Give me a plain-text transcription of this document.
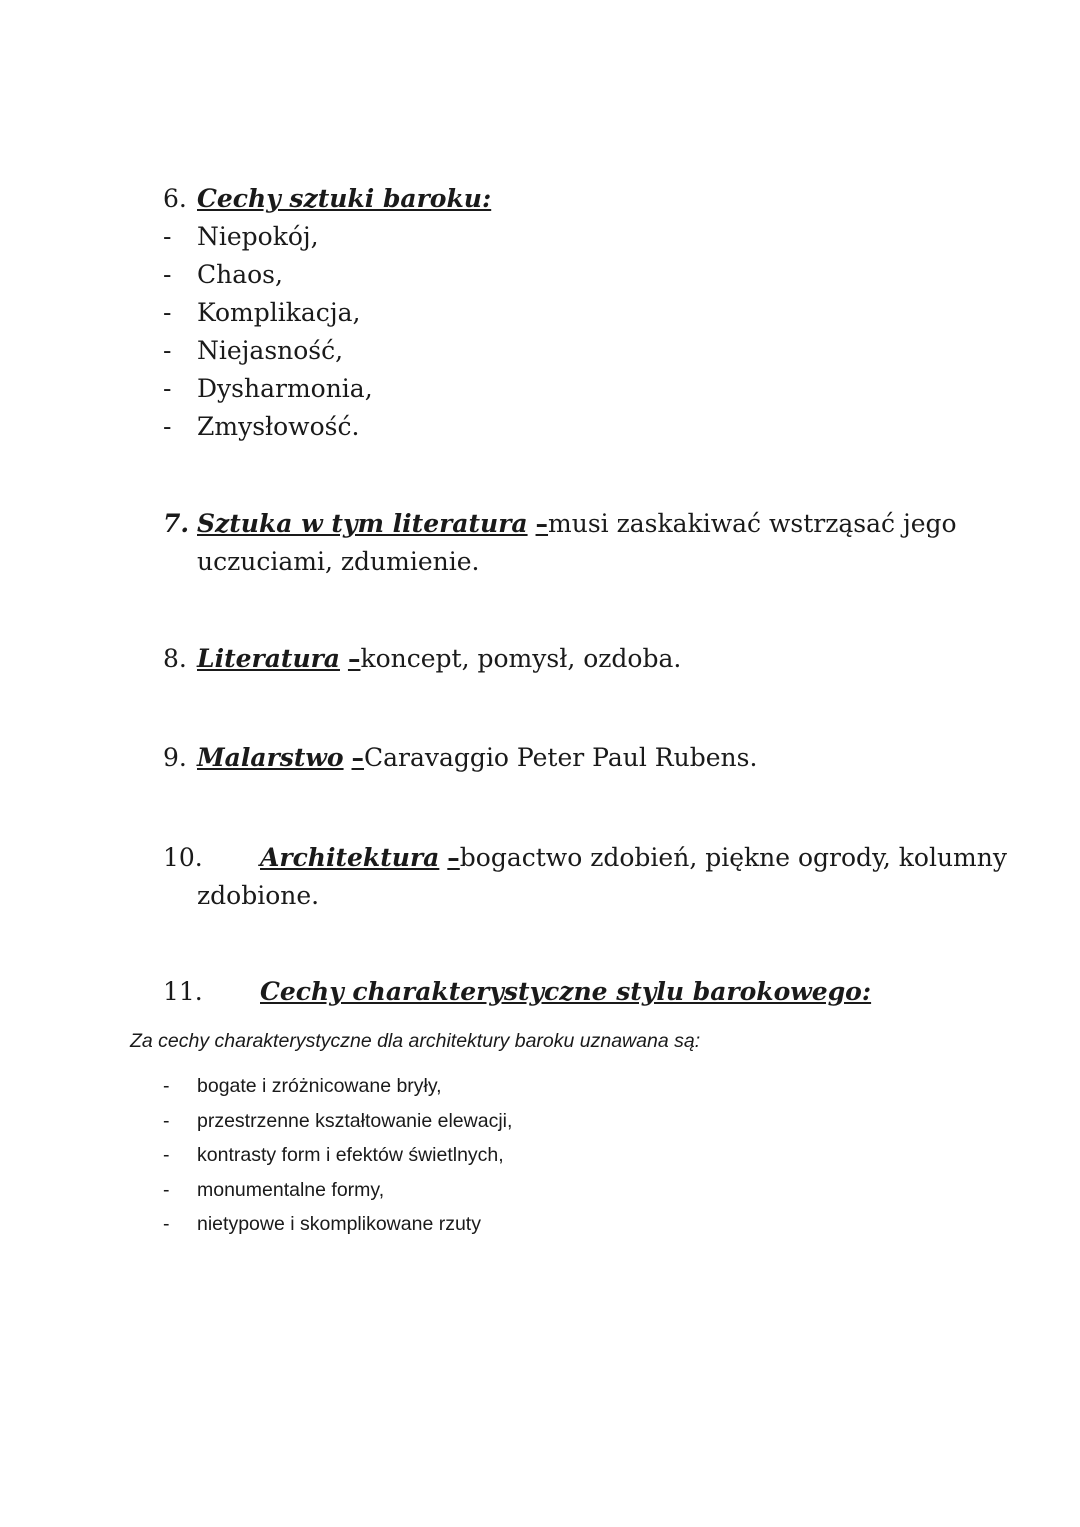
6. Cechy sztuki baroku:
- Niepokój,
- Chaos,
- Komplikacja,
- Niejasność,
- Dysharmonia,
- Zmysłowość.
7. Sztuka w tym literatura –musi zaskakiwać wstrząsać jego
uczuciami, zdumienie.
8. Literatura –koncept, pomysł, ozdoba.
9. Malarstwo –Caravaggio Peter Paul Rubens.
10. Architektura –bogactwo zdobień, piękne ogrody, kolumny
zdobione.
11. Cechy charakterystyczne stylu barokowego:
Za cechy charakterystyczne dla architektury baroku uznawana są:
- bogate i zróżnicowane bryły,
- przestrzenne kształtowanie elewacji,
- kontrasty form i efektów świetlnych,
- monumentalne formy,
- nietypowe i skomplikowane rzuty
